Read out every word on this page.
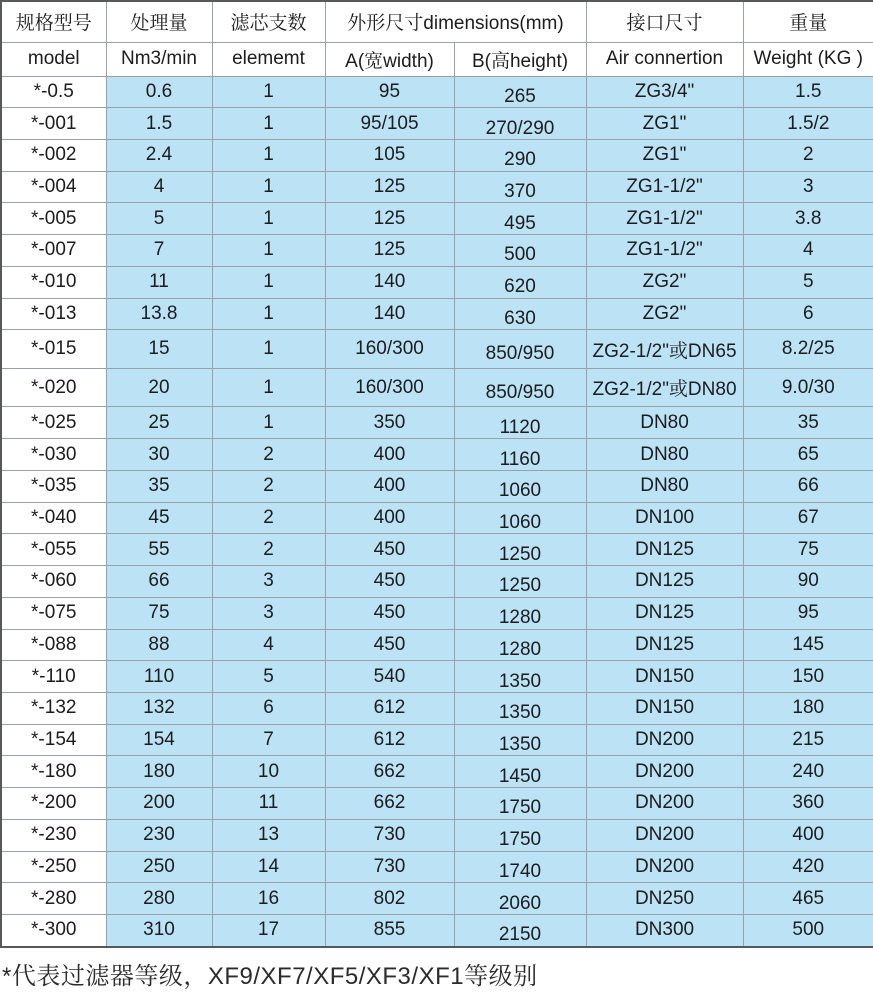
规格型号	处理量	滤芯支数	外形尺寸dimensions(mm)		接口尺寸	重量
model	Nm3/min	elememt	A(宽width)	B(高height)	Air connertion	Weight (KG )
*-0.5	0.6	1	95	265	ZG3/4"	1.5
*-001	1.5	1	95/105	270/290	ZG1"	1.5/2
*-002	2.4	1	105	290	ZG1"	2
*-004	4	1	125	370	ZG1-1/2"	3
*-005	5	1	125	495	ZG1-1/2"	3.8
*-007	7	1	125	500	ZG1-1/2"	4
*-010	11	1	140	620	ZG2"	5
*-013	13.8	1	140	630	ZG2"	6
*-015	15	1	160/300	850/950	ZG2-1/2"或DN65	8.2/25
*-020	20	1	160/300	850/950	ZG2-1/2"或DN80	9.0/30
*-025	25	1	350	1120	DN80	35
*-030	30	2	400	1160	DN80	65
*-035	35	2	400	1060	DN80	66
*-040	45	2	400	1060	DN100	67
*-055	55	2	450	1250	DN125	75
*-060	66	3	450	1250	DN125	90
*-075	75	3	450	1280	DN125	95
*-088	88	4	450	1280	DN125	145
*-110	110	5	540	1350	DN150	150
*-132	132	6	612	1350	DN150	180
*-154	154	7	612	1350	DN200	215
*-180	180	10	662	1450	DN200	240
*-200	200	11	662	1750	DN200	360
*-230	230	13	730	1750	DN200	400
*-250	250	14	730	1740	DN200	420
*-280	280	16	802	2060	DN250	465
*-300	310	17	855	2150	DN300	500
*代表过滤器等级，XF9/XF7/XF5/XF3/XF1等级别
